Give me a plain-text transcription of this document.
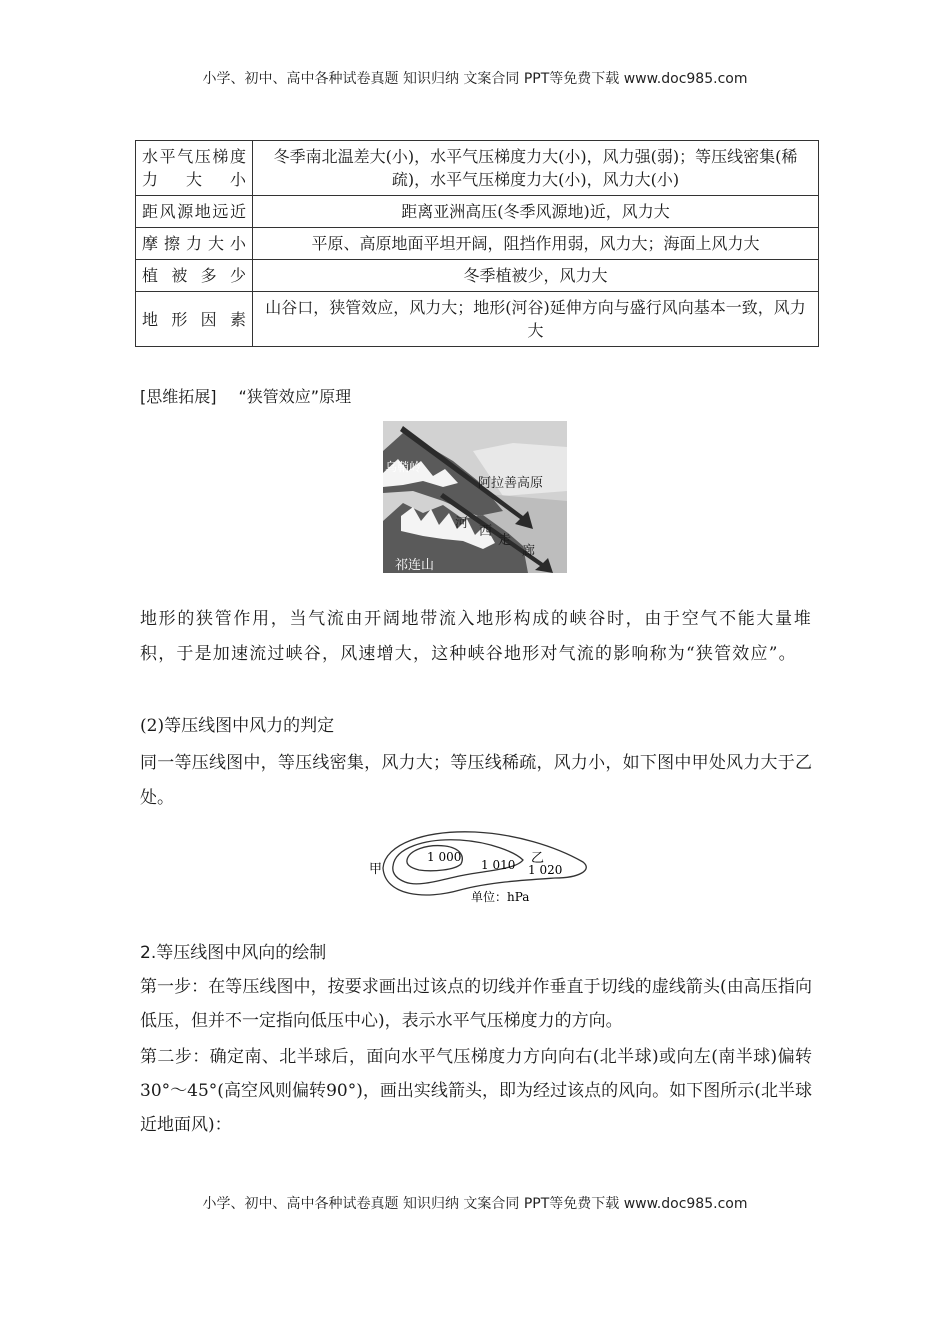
小学、初中、高中各种试卷真题 知识归纳 文案合同 PPT等免费下载 www.doc985.com
水平气压梯度力大小	冬季南北温差大(小)，水平气压梯度力大(小)，风力强(弱)；等压线密集(稀疏)，水平气压梯度力大(小)，风力大(小)
距风源地远近	距离亚洲高压(冬季风源地)近，风力大
摩擦力大小	平原、高原地面平坦开阔，阻挡作用弱，风力大；海面上风力大
植被多少	冬季植被少，风力大
地形因素	山谷口，狭管效应，风力大；地形(河谷)延伸方向与盛行风向基本一致，风力大
[思维拓展] “狭管效应”原理
乌鞘岭
阿拉善高原
河
西
走
廊
祁连山

地形的狭管作用，当气流由开阔地带流入地形构成的峡谷时，由于空气不能大量堆积，于是加速流过峡谷，风速增大，这种峡谷地形对气流的影响称为“狭管效应”。

(2)等压线图中风力的判定

同一等压线图中，等压线密集，风力大；等压线稀疏，风力小，如下图中甲处风力大于乙处。

甲
1 000
1 010 乙
1 020
单位：hPa

2.等压线图中风向的绘制

第一步：在等压线图中，按要求画出过该点的切线并作垂直于切线的虚线箭头(由高压指向低压，但并不一定指向低压中心)，表示水平气压梯度力的方向。

第二步：确定南、北半球后，面向水平气压梯度力方向向右(北半球)或向左(南半球)偏转30°～45°(高空风则偏转90°)，画出实线箭头，即为经过该点的风向。如下图所示(北半球近地面风)：

小学、初中、高中各种试卷真题 知识归纳 文案合同 PPT等免费下载 www.doc985.com
